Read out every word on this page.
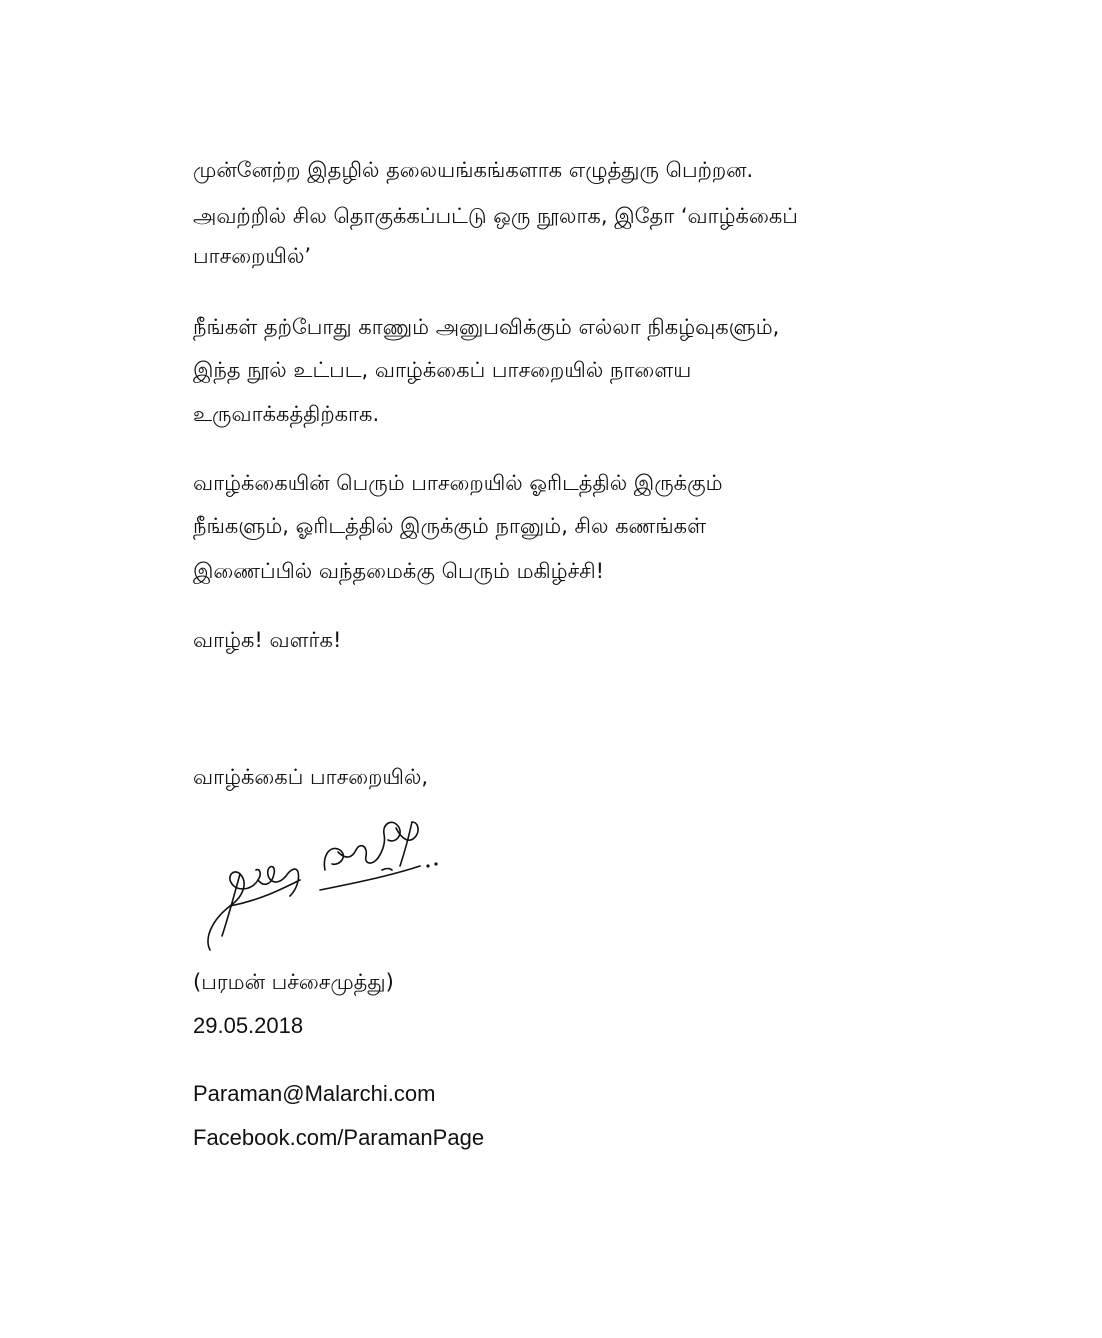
முன்னேற்ற இதழில் தலையங்கங்களாக எழுத்துரு பெற்றன.
அவற்றில் சில தொகுக்கப்பட்டு ஒரு நூலாக, இதோ ‘வாழ்க்கைப்
பாசறையில்’
நீங்கள் தற்போது காணும் அனுபவிக்கும் எல்லா நிகழ்வுகளும்,
இந்த நூல் உட்பட, வாழ்க்கைப் பாசறையில் நாளைய
உருவாக்கத்திற்காக.
வாழ்க்கையின் பெரும் பாசறையில் ஓரிடத்தில் இருக்கும்
நீங்களும், ஓரிடத்தில் இருக்கும் நானும், சில கணங்கள்
இணைப்பில் வந்தமைக்கு பெரும் மகிழ்ச்சி!
வாழ்க! வளர்க!
வாழ்க்கைப் பாசறையில்,
(பரமன் பச்சைமுத்து)
29.05.2018
Paraman@Malarchi.com
Facebook.com/ParamanPage
